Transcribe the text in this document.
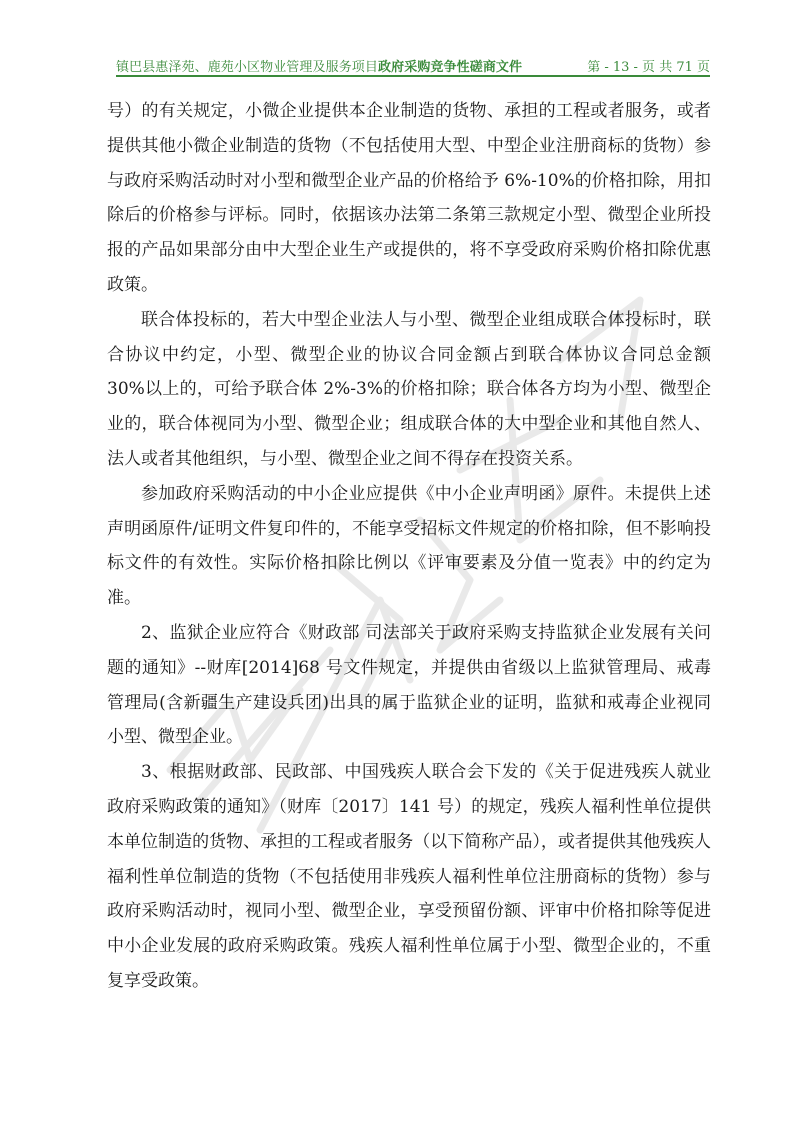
镇巴县惠泽苑、鹿苑小区物业管理及服务项目政府采购竞争性磋商文件	第 - 13 - 页 共 71 页

号）的有关规定，小微企业提供本企业制造的货物、承担的工程或者服务，或者提供其他小微企业制造的货物（不包括使用大型、中型企业注册商标的货物）参与政府采购活动时对小型和微型企业产品的价格给予 6%-10%的价格扣除，用扣除后的价格参与评标。同时，依据该办法第二条第三款规定小型、微型企业所投报的产品如果部分由中大型企业生产或提供的，将不享受政府采购价格扣除优惠政策。

联合体投标的，若大中型企业法人与小型、微型企业组成联合体投标时，联合协议中约定，小型、微型企业的协议合同金额占到联合体协议合同总金额 30%以上的，可给予联合体 2%-3%的价格扣除；联合体各方均为小型、微型企业的，联合体视同为小型、微型企业；组成联合体的大中型企业和其他自然人、法人或者其他组织，与小型、微型企业之间不得存在投资关系。

参加政府采购活动的中小企业应提供《中小企业声明函》原件。未提供上述声明函原件/证明文件复印件的，不能享受招标文件规定的价格扣除，但不影响投标文件的有效性。实际价格扣除比例以《评审要素及分值一览表》中的约定为准。

2、监狱企业应符合《财政部 司法部关于政府采购支持监狱企业发展有关问题的通知》--财库[2014]68 号文件规定，并提供由省级以上监狱管理局、戒毒管理局(含新疆生产建设兵团)出具的属于监狱企业的证明，监狱和戒毒企业视同小型、微型企业。

3、根据财政部、民政部、中国残疾人联合会下发的《关于促进残疾人就业政府采购政策的通知》（财库〔2017〕141 号）的规定，残疾人福利性单位提供本单位制造的货物、承担的工程或者服务（以下简称产品），或者提供其他残疾人福利性单位制造的货物（不包括使用非残疾人福利性单位注册商标的货物）参与政府采购活动时，视同小型、微型企业，享受预留份额、评审中价格扣除等促进中小企业发展的政府采购政策。残疾人福利性单位属于小型、微型企业的，不重复享受政策。
